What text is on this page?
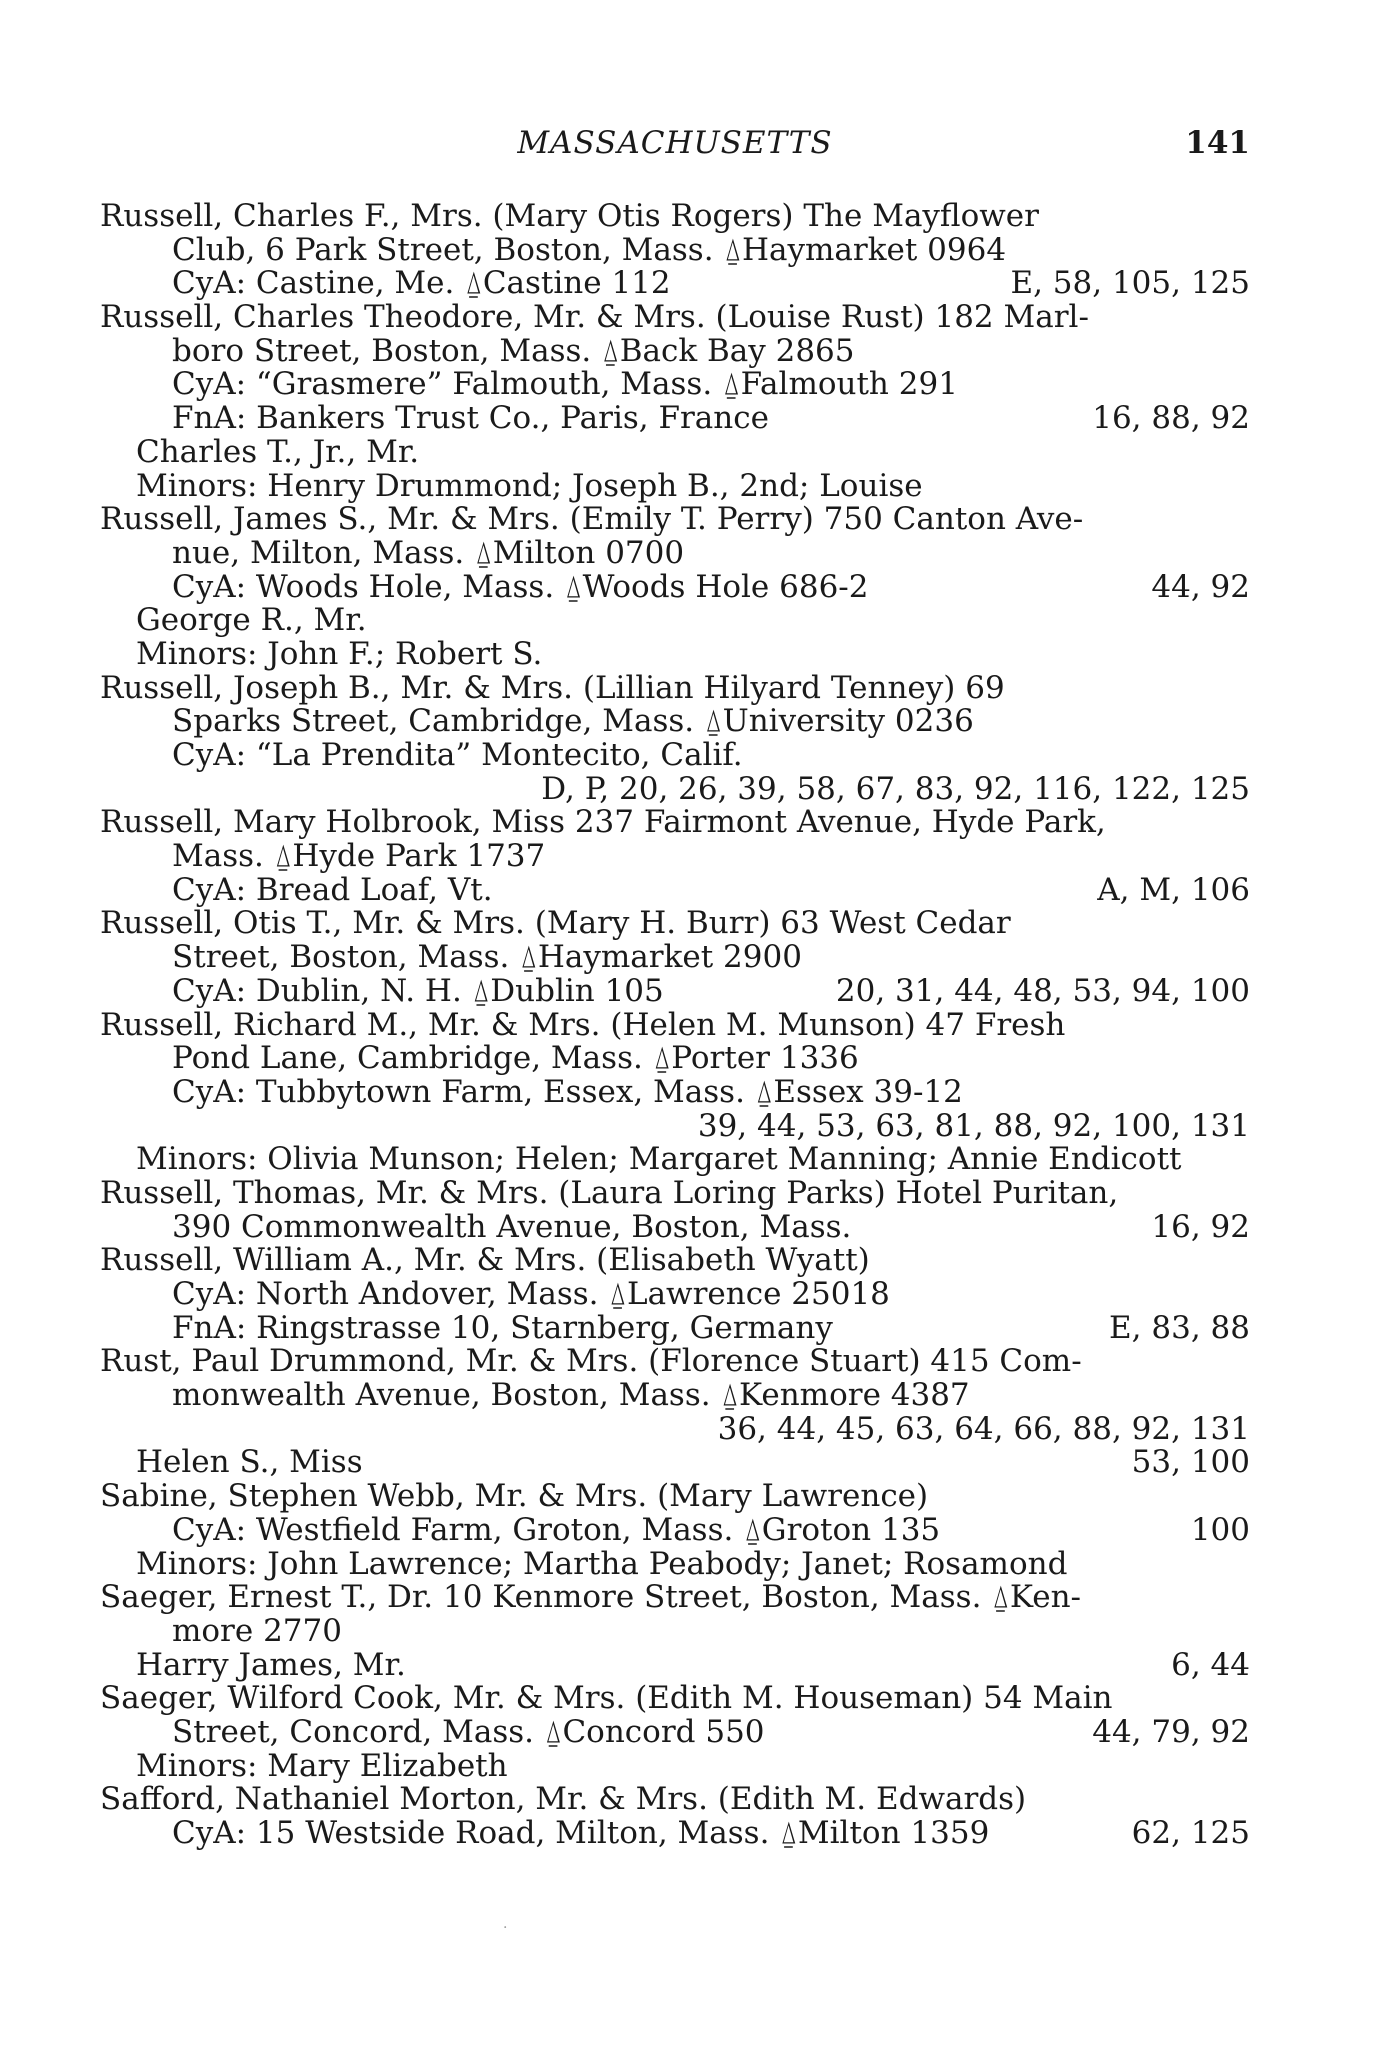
MASSACHUSETTS	141
Russell, Charles F., Mrs. (Mary Otis Rogers) The Mayflower
Club, 6 Park Street, Boston, Mass. ⍙Haymarket 0964
CyA: Castine, Me. ⍙Castine 112	E, 58, 105, 125
Russell, Charles Theodore, Mr. & Mrs. (Louise Rust) 182 Marl-
boro Street, Boston, Mass. ⍙Back Bay 2865
CyA: “Grasmere” Falmouth, Mass. ⍙Falmouth 291
FnA: Bankers Trust Co., Paris, France	16, 88, 92
Charles T., Jr., Mr.
Minors: Henry Drummond; Joseph B., 2nd; Louise
Russell, James S., Mr. & Mrs. (Emily T. Perry) 750 Canton Ave-
nue, Milton, Mass. ⍙Milton 0700
CyA: Woods Hole, Mass. ⍙Woods Hole 686-2	44, 92
George R., Mr.
Minors: John F.; Robert S.
Russell, Joseph B., Mr. & Mrs. (Lillian Hilyard Tenney) 69
Sparks Street, Cambridge, Mass. ⍙University 0236
CyA: “La Prendita” Montecito, Calif.
D, P, 20, 26, 39, 58, 67, 83, 92, 116, 122, 125
Russell, Mary Holbrook, Miss 237 Fairmont Avenue, Hyde Park,
Mass. ⍙Hyde Park 1737
CyA: Bread Loaf, Vt.	A, M, 106
Russell, Otis T., Mr. & Mrs. (Mary H. Burr) 63 West Cedar
Street, Boston, Mass. ⍙Haymarket 2900
CyA: Dublin, N. H. ⍙Dublin 105	20, 31, 44, 48, 53, 94, 100
Russell, Richard M., Mr. & Mrs. (Helen M. Munson) 47 Fresh
Pond Lane, Cambridge, Mass. ⍙Porter 1336
CyA: Tubbytown Farm, Essex, Mass. ⍙Essex 39-12
39, 44, 53, 63, 81, 88, 92, 100, 131
Minors: Olivia Munson; Helen; Margaret Manning; Annie Endicott
Russell, Thomas, Mr. & Mrs. (Laura Loring Parks) Hotel Puritan,
390 Commonwealth Avenue, Boston, Mass.	16, 92
Russell, William A., Mr. & Mrs. (Elisabeth Wyatt)
CyA: North Andover, Mass. ⍙Lawrence 25018
FnA: Ringstrasse 10, Starnberg, Germany	E, 83, 88
Rust, Paul Drummond, Mr. & Mrs. (Florence Stuart) 415 Com-
monwealth Avenue, Boston, Mass. ⍙Kenmore 4387
36, 44, 45, 63, 64, 66, 88, 92, 131
Helen S., Miss	53, 100
Sabine, Stephen Webb, Mr. & Mrs. (Mary Lawrence)
CyA: Westfield Farm, Groton, Mass. ⍙Groton 135	100
Minors: John Lawrence; Martha Peabody; Janet; Rosamond
Saeger, Ernest T., Dr. 10 Kenmore Street, Boston, Mass. ⍙Ken-
more 2770
Harry James, Mr.	6, 44
Saeger, Wilford Cook, Mr. & Mrs. (Edith M. Houseman) 54 Main
Street, Concord, Mass. ⍙Concord 550	44, 79, 92
Minors: Mary Elizabeth
Safford, Nathaniel Morton, Mr. & Mrs. (Edith M. Edwards)
CyA: 15 Westside Road, Milton, Mass. ⍙Milton 1359	62, 125
·
